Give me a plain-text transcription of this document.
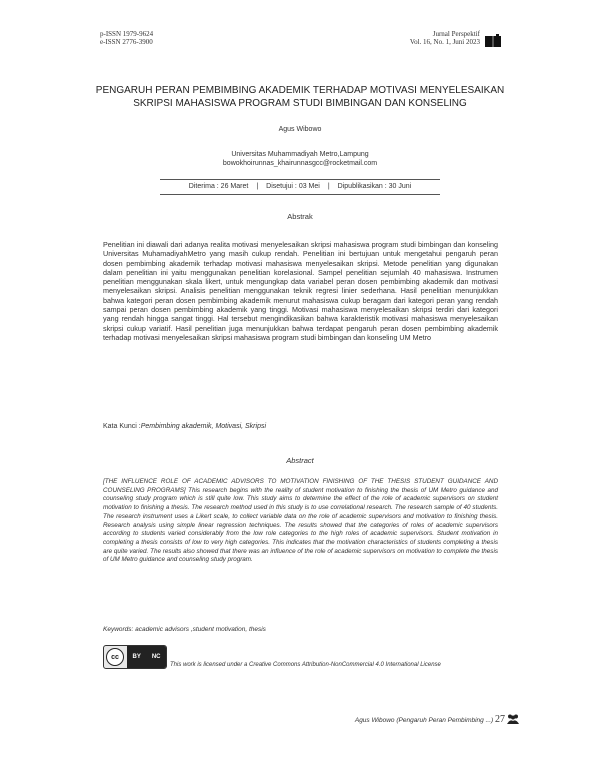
p-ISSN 1979-9624
e-ISSN 2776-3900
Jurnal Perspektif
Vol. 16, No. 1, Juni 2023
PENGARUH PERAN PEMBIMBING AKADEMIK TERHADAP MOTIVASI MENYELESAIKAN
SKRIPSI MAHASISWA PROGRAM STUDI BIMBINGAN DAN KONSELING
Agus Wibowo
Universitas Muhammadiyah Metro,Lampung
bowokhoirunnas_khairunnasgcc@rocketmail.com
Diterima : 26 Maret | Disetujui : 03 Mei | Dipublikasikan : 30 Juni
Abstrak
Penelitian ini diawali dari adanya realita motivasi menyelesaikan skripsi mahasiswa program studi bimbingan dan konseling Universitas MuhamadiyahMetro yang masih cukup rendah. Penelitian ini bertujuan untuk mengetahui pengaruh peran dosen pembimbing akademik terhadap motivasi mahasiswa menyelesaikan skripsi. Metode penelitian yang digunakan dalam penelitian ini yaitu menggunakan penelitian korelasional. Sampel penelitian sejumlah 40 mahasiswa. Instrumen penelitian menggunakan skala likert, untuk mengungkap data variabel peran dosen pembimbing akademik dan motivasi menyelesaikan skripsi. Analisis penelitian menggunakan teknik regresi linier sederhana. Hasil penelitian menunjukkan bahwa kategori peran dosen pembimbing akademik menurut mahasiswa cukup beragam dari kategori peran yang rendah sampai peran dosen pembimbing akademik yang tinggi. Motivasi mahasiswa menyelesaikan skripsi terdiri dari kategori yang rendah hingga sangat tinggi. Hal tersebut mengindikasikan bahwa karakteristik motivasi mahasiswa menyelesaikan skripsi cukup variatif. Hasil penelitian juga menunjukkan bahwa terdapat pengaruh peran dosen pembimbing akademik terhadap motivasi menyelesaikan skripsi mahasiswa program studi bimbingan dan konseling UM Metro
Kata Kunci :Pembimbing akademik, Motivasi, Skripsi
Abstract
[THE INFLUENCE ROLE OF ACADEMIC ADVISORS TO MOTIVATION FINISHING OF THE THESIS STUDENT GUIDANCE AND COUNSELING PROGRAMS] This research begins with the reality of student motivation to finishing the thesis of UM Metro guidance and counseling study program which is still quite low. This study aims to determine the effect of the role of academic supervisors on student motivation to finishing a thesis. The research method used in this study is to use correlational research. The research sample of 40 students. The research instrument uses a Likert scale, to collect variable data on the role of academic supervisors and motivation to finishing thesis. Research analysis using simple linear regression techniques. The results showed that the categories of roles of academic supervisors according to students varied considerably from the low role categories to the high roles of academic supervisors. Student motivation in completing a thesis consists of low to very high categories. This indicates that the motivation characteristics of students completing a thesis are quite varied. The results also showed that there was an influence of the role of academic supervisors on motivation to complete the thesis of UM Metro guidance and counseling study program.
Keywords: academic advisors ,student motivation, thesis
cc	BY NC
This work is licensed under a Creative Commons Attribution-NonCommercial 4.0 International License
Agus Wibowo (Pengaruh Peran Pembimbing ...) 27
